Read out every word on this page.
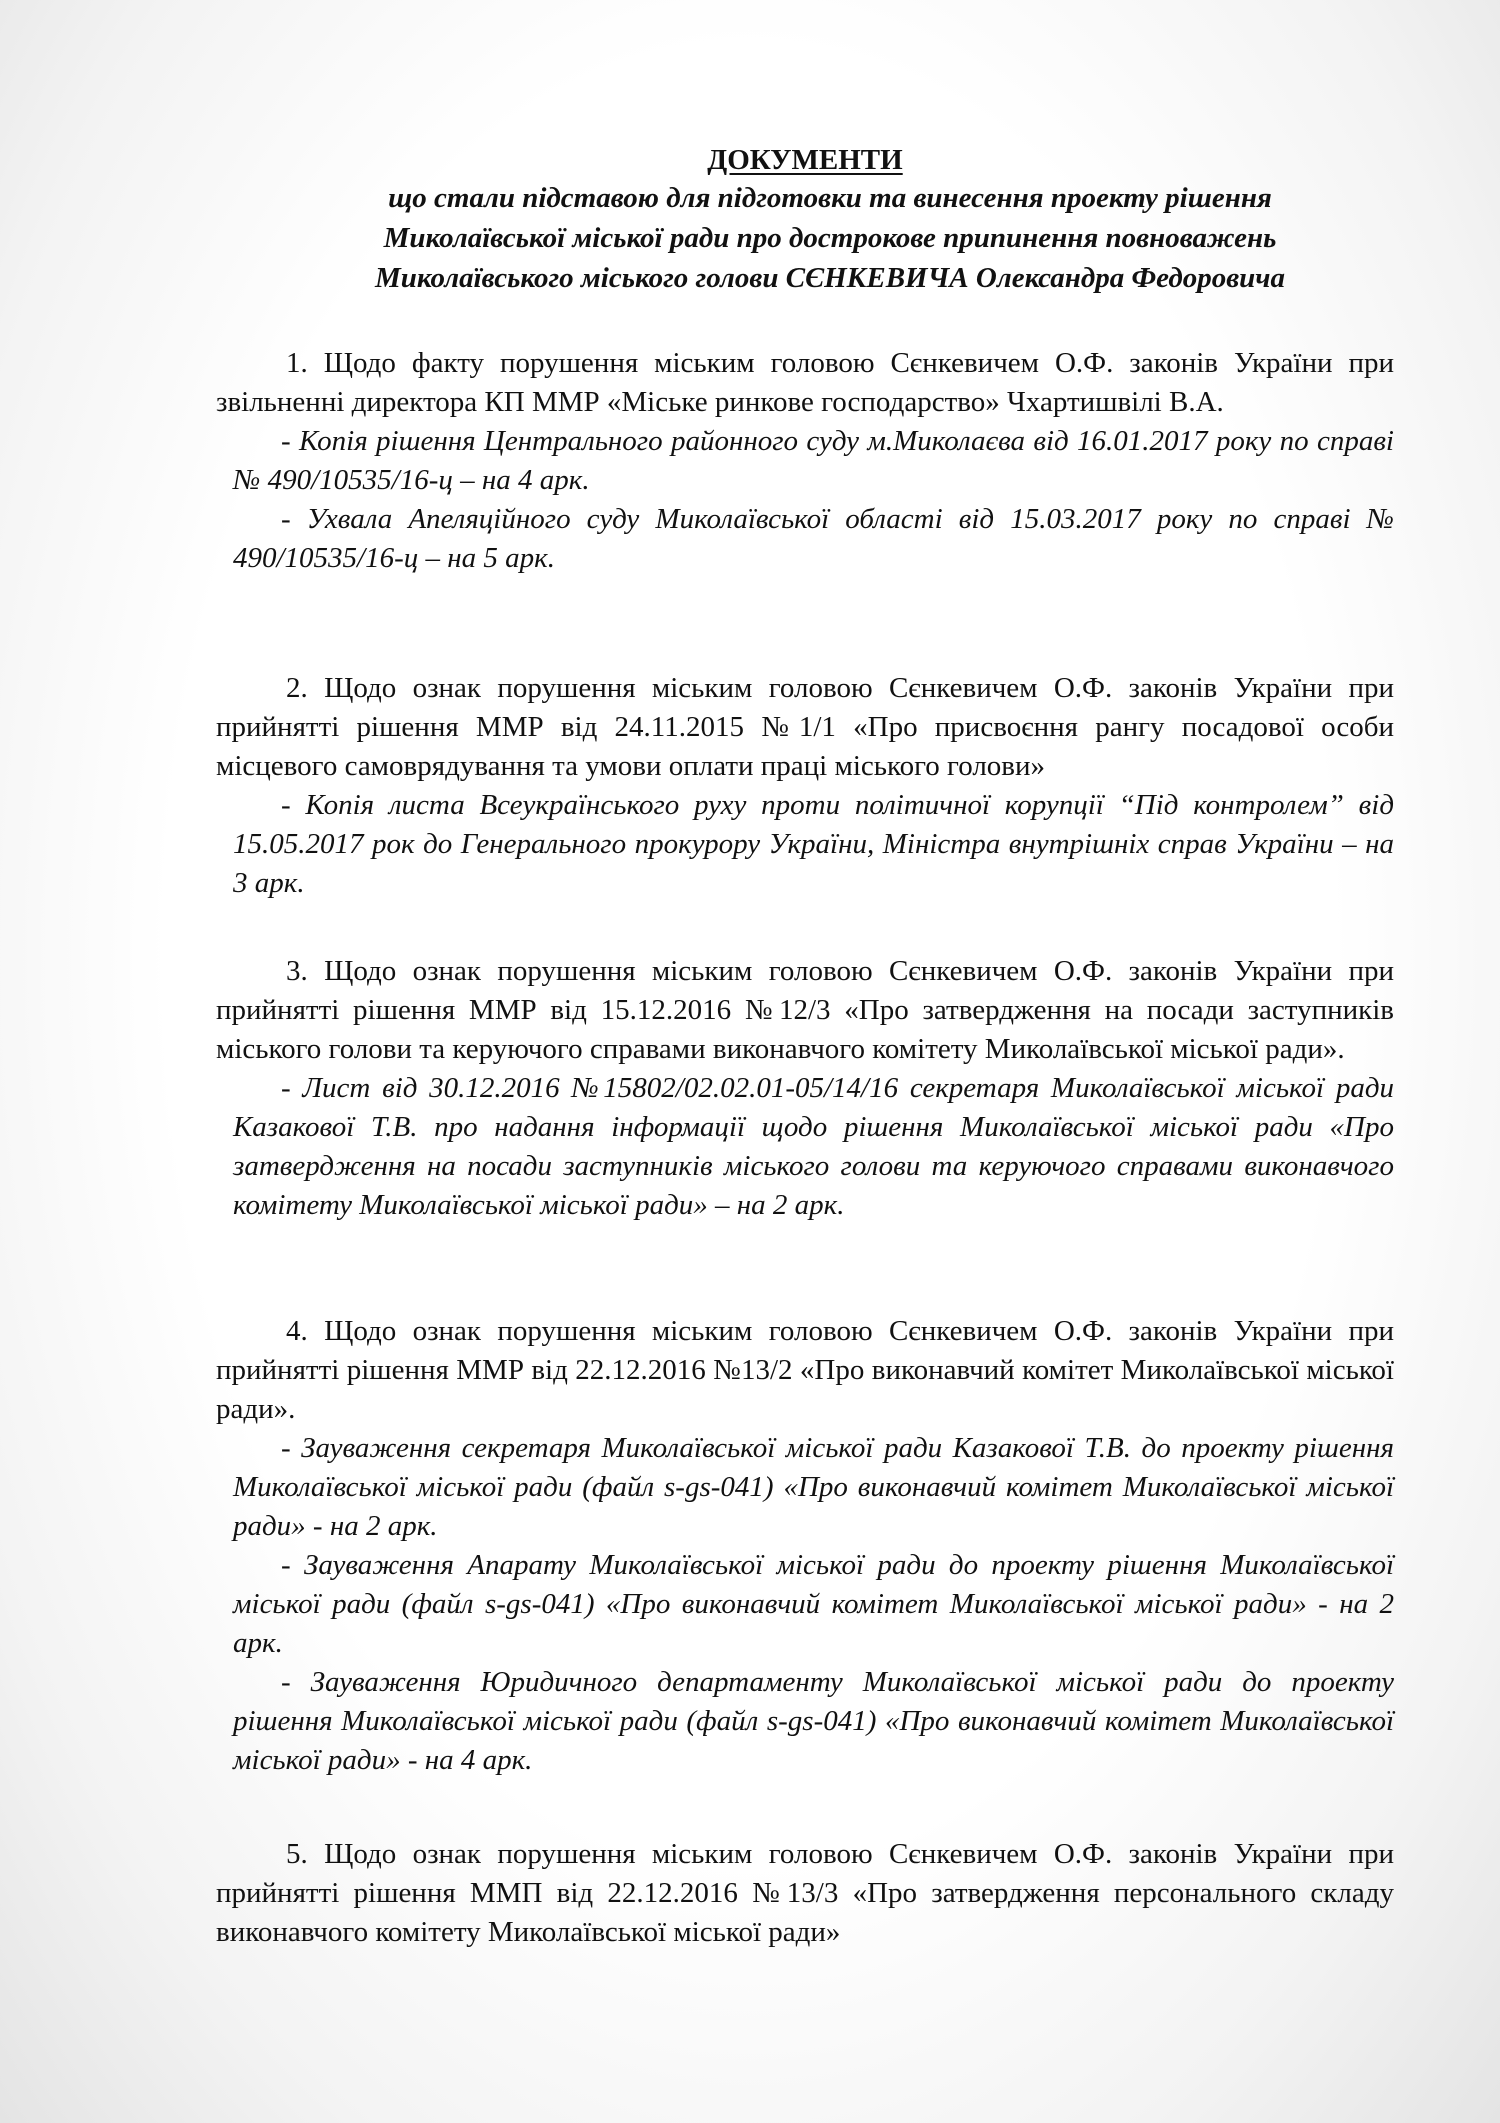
ДОКУМЕНТИ
що стали підставою для підготовки та винесення проекту рішення
Миколаївської міської ради про дострокове припинення повноважень
Миколаївського міського голови СЄНКЕВИЧА Олександра Федоровича

1. Щодо факту порушення міським головою Сєнкевичем О.Ф. законів України при звільненні директора КП ММР «Міське ринкове господарство» Чхартишвілі В.А.

- Копія рішення Центрального районного суду м.Миколаєва від 16.01.2017 року по справі № 490/10535/16-ц – на 4 арк.

- Ухвала Апеляційного суду Миколаївської області від 15.03.2017 року по справі № 490/10535/16-ц – на 5 арк.

2. Щодо ознак порушення міським головою Сєнкевичем О.Ф. законів України при прийнятті рішення ММР від 24.11.2015 №1/1 «Про присвоєння рангу посадової особи місцевого самоврядування та умови оплати праці міського голови»

- Копія листа Всеукраїнського руху проти політичної корупції “Під контролем” від 15.05.2017 рок до Генерального прокурору України, Міністра внутрішніх справ України – на 3 арк.

3. Щодо ознак порушення міським головою Сєнкевичем О.Ф. законів України при прийнятті рішення ММР від 15.12.2016 №12/3 «Про затвердження на посади заступників міського голови та керуючого справами виконавчого комітету Миколаївської міської ради».

- Лист від 30.12.2016 №15802/02.02.01-05/14/16 секретаря Миколаївської міської ради Казакової Т.В. про надання інформації щодо рішення Миколаївської міської ради «Про затвердження на посади заступників міського голови та керуючого справами виконавчого комітету Миколаївської міської ради» – на 2 арк.

4. Щодо ознак порушення міським головою Сєнкевичем О.Ф. законів України при прийнятті рішення ММР від 22.12.2016 №13/2 «Про виконавчий комітет Миколаївської міської ради».

- Зауваження секретаря Миколаївської міської ради Казакової Т.В. до проекту рішення Миколаївської міської ради (файл s-gs-041) «Про виконавчий комітет Миколаївської міської ради» - на 2 арк.

- Зауваження Апарату Миколаївської міської ради до проекту рішення Миколаївської міської ради (файл s-gs-041) «Про виконавчий комітет Миколаївської міської ради» - на 2 арк.

- Зауваження Юридичного департаменту Миколаївської міської ради до проекту рішення Миколаївської міської ради (файл s-gs-041) «Про виконавчий комітет Миколаївської міської ради» - на 4 арк.

5. Щодо ознак порушення міським головою Сєнкевичем О.Ф. законів України при прийнятті рішення ММП від 22.12.2016 №13/3 «Про затвердження персонального складу виконавчого комітету Миколаївської міської ради»
